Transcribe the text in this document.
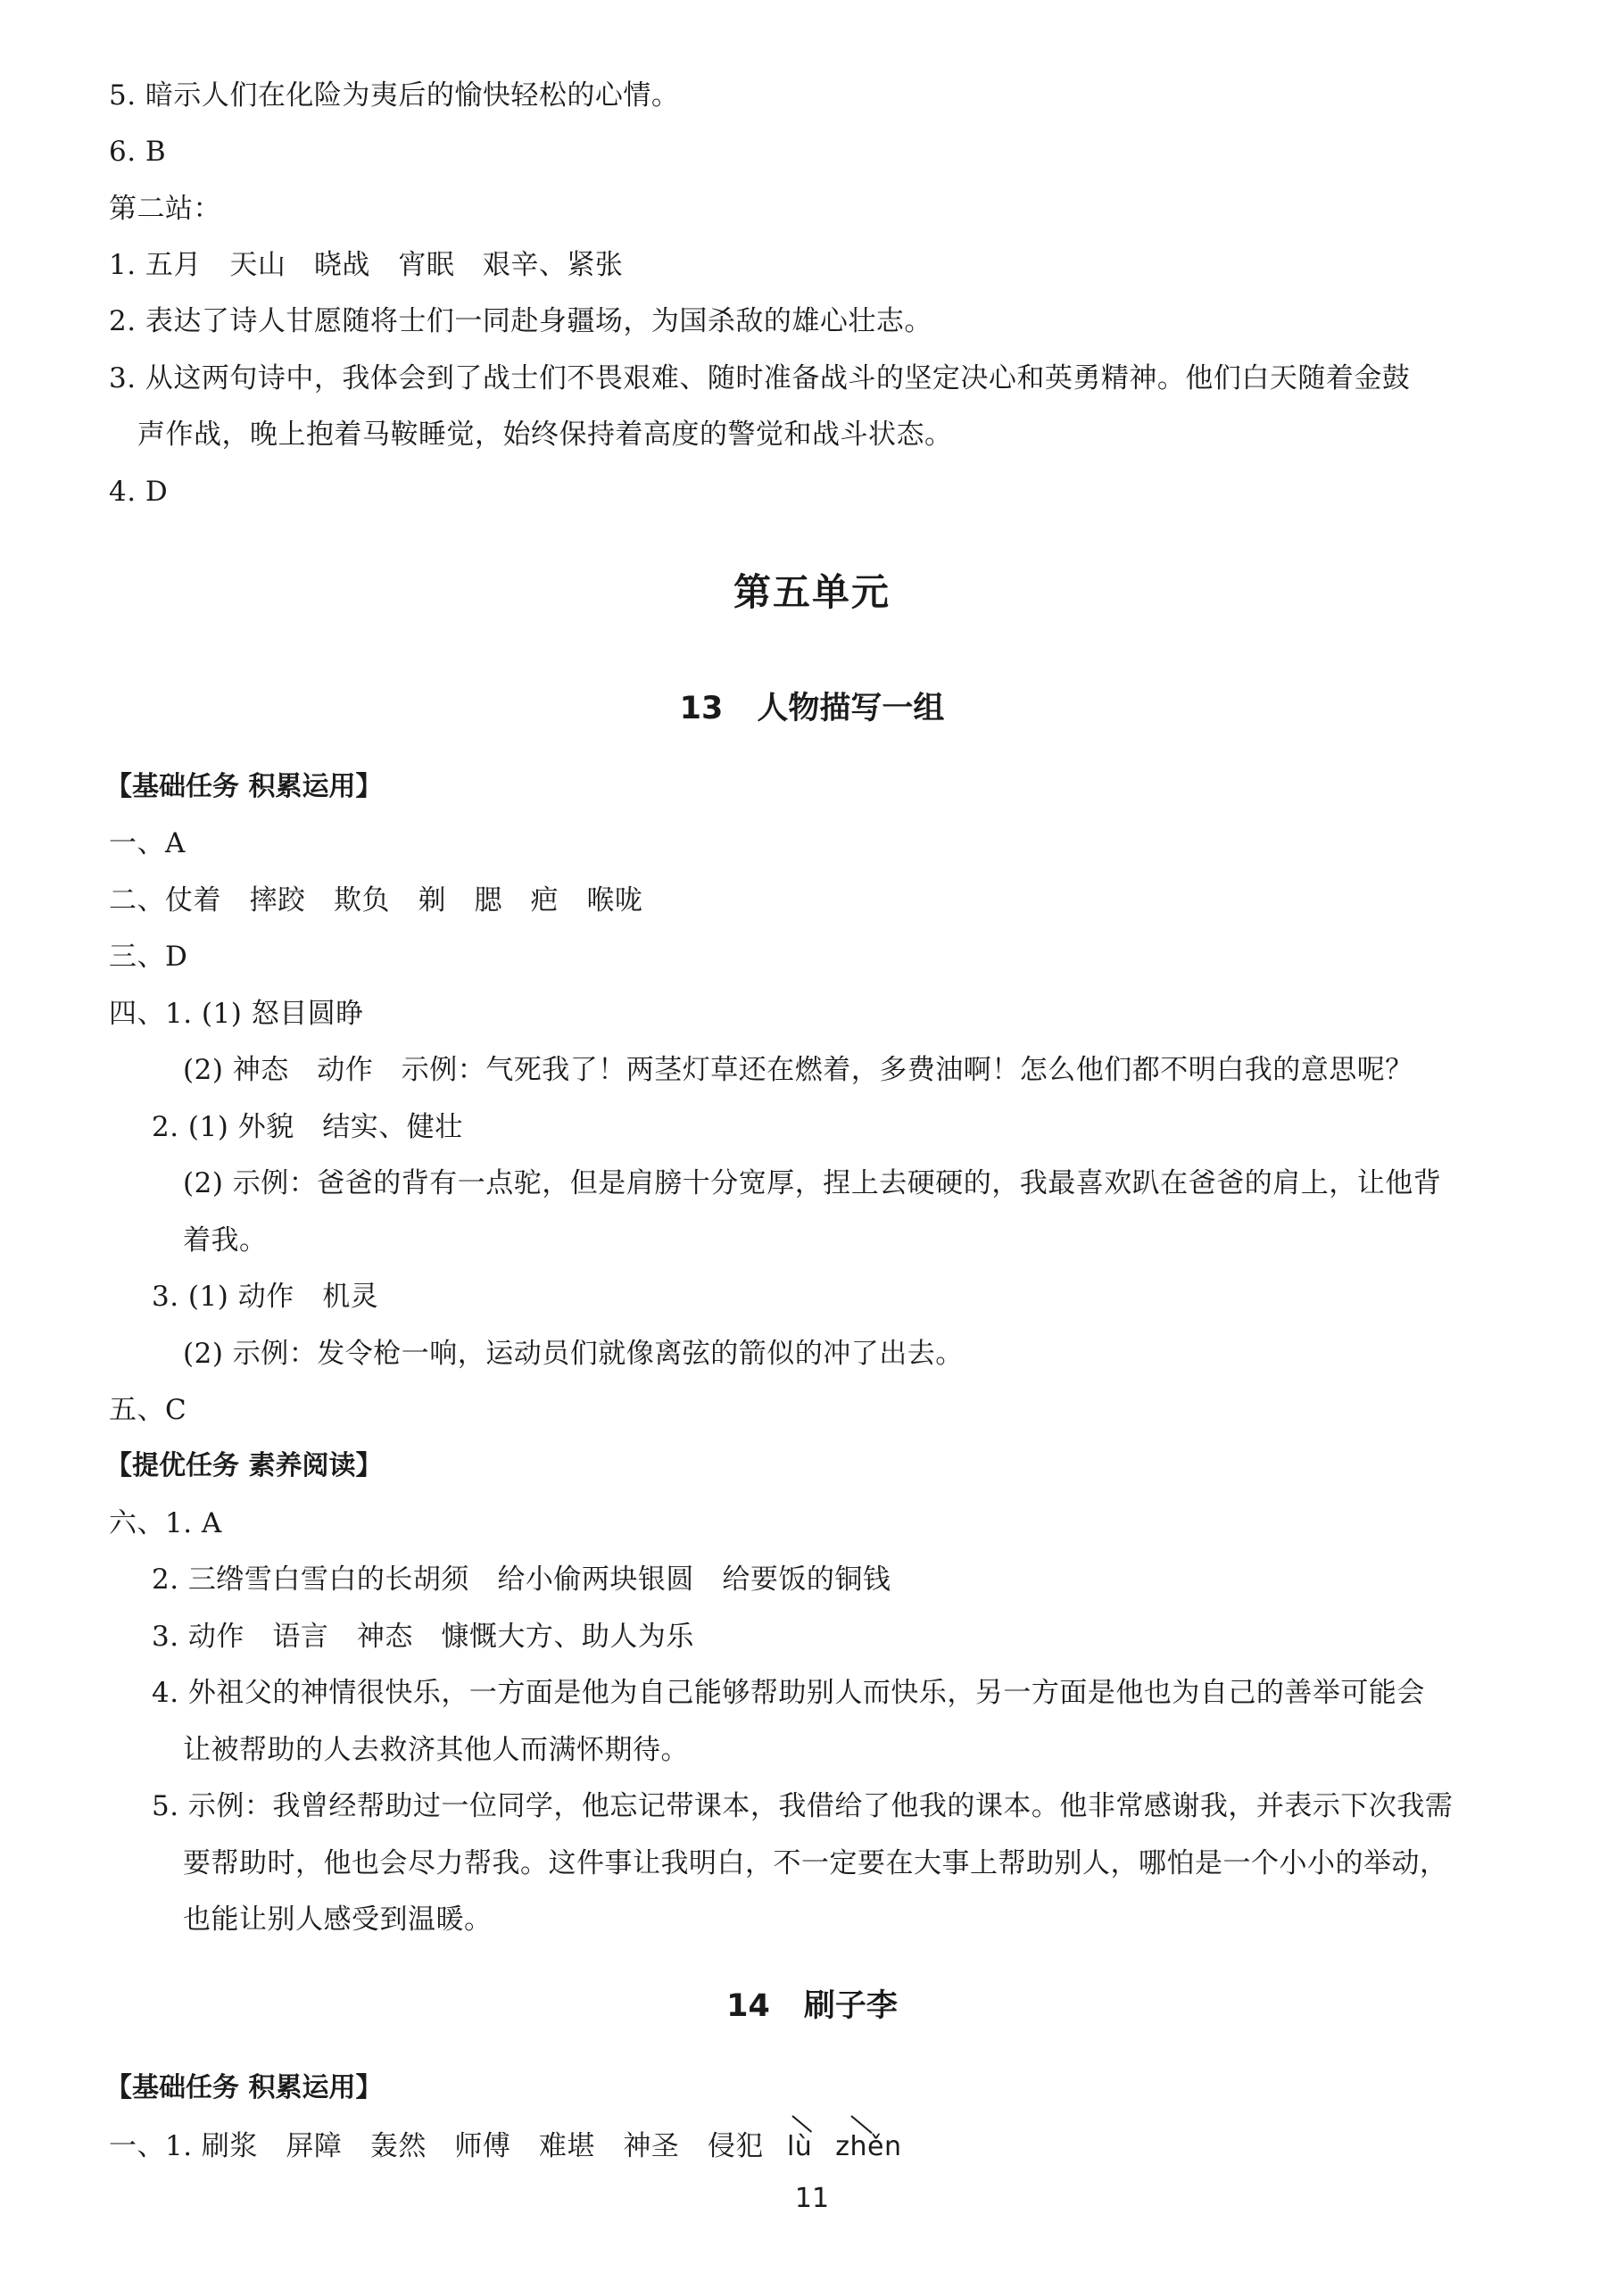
5. 暗示人们在化险为夷后的愉快轻松的心情。
6. B
第二站：
1. 五月　天山　晓战　宵眠　艰辛、紧张
2. 表达了诗人甘愿随将士们一同赴身疆场，为国杀敌的雄心壮志。
3. 从这两句诗中，我体会到了战士们不畏艰难、随时准备战斗的坚定决心和英勇精神。他们白天随着金鼓
声作战，晚上抱着马鞍睡觉，始终保持着高度的警觉和战斗状态。
4. D
第五单元
13 人物描写一组
【基础任务 积累运用】
一、A
二、仗着　摔跤　欺负　剃　腮　疤　喉咙
三、D
四、1. (1) 怒目圆睁
(2) 神态　动作　示例：气死我了！两茎灯草还在燃着，多费油啊！怎么他们都不明白我的意思呢？
2. (1) 外貌　结实、健壮
(2) 示例：爸爸的背有一点驼，但是肩膀十分宽厚，捏上去硬硬的，我最喜欢趴在爸爸的肩上，让他背
着我。
3. (1) 动作　机灵
(2) 示例：发令枪一响，运动员们就像离弦的箭似的冲了出去。
五、C
【提优任务 素养阅读】
六、1. A
2. 三绺雪白雪白的长胡须　给小偷两块银圆　给要饭的铜钱
3. 动作　语言　神态　慷慨大方、助人为乐
4. 外祖父的神情很快乐，一方面是他为自己能够帮助别人而快乐，另一方面是他也为自己的善举可能会
让被帮助的人去救济其他人而满怀期待。
5. 示例：我曾经帮助过一位同学，他忘记带课本，我借给了他我的课本。他非常感谢我，并表示下次我需
要帮助时，他也会尽力帮我。这件事让我明白，不一定要在大事上帮助别人，哪怕是一个小小的举动，
也能让别人感受到温暖。
14 刷子李
【基础任务 积累运用】
一、1. 刷浆　屏障　轰然　师傅　难堪　神圣　侵犯 lù zhěn
11
